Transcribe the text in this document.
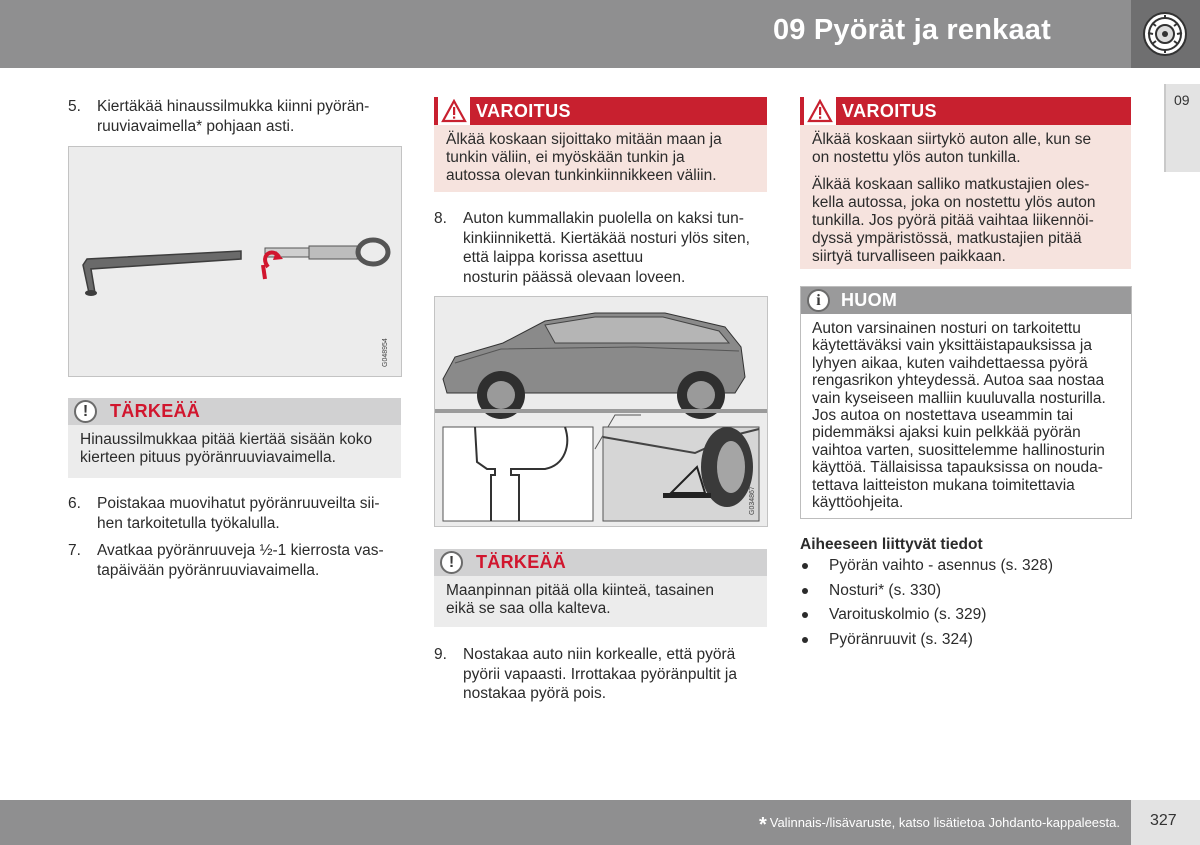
09 Pyörät ja renkaat
09
5. Kiertäkää hinaussilmukka kiinni pyörän-
ruuviavaimella* pohjaan asti.
G048954
!	TÄRKEÄÄ
Hinaussilmukkaa pitää kiertää sisään koko
kierteen pituus pyöränruuviavaimella.
6. Poistakaa muovihatut pyöränruuveilta sii-
hen tarkoitetulla työkalulla.
7. Avatkaa pyöränruuveja ½-1 kierrosta vas-
tapäivään pyöränruuviavaimella.
VAROITUS
Älkää koskaan sijoittako mitään maan ja
tunkin väliin, ei myöskään tunkin ja
autossa olevan tunkinkiinnikkeen väliin.
8. Auton kummallakin puolella on kaksi tun-
kinkiinnikettä. Kiertäkää nosturi ylös siten,
että laippa korissa asettuu
nosturin päässä olevaan loveen.
G034867
!	TÄRKEÄÄ
Maanpinnan pitää olla kiinteä, tasainen
eikä se saa olla kalteva.
9. Nostakaa auto niin korkealle, että pyörä
pyörii vapaasti. Irrottakaa pyöränpultit ja
nostakaa pyörä pois.
VAROITUS

Älkää koskaan siirtykö auton alle, kun se
on nostettu ylös auton tunkilla.

Älkää koskaan salliko matkustajien oles-
kella autossa, joka on nostettu ylös auton
tunkilla. Jos pyörä pitää vaihtaa liikennöi-
dyssä ympäristössä, matkustajien pitää
siirtyä turvalliseen paikkaan.

i	HUOM
Auton varsinainen nosturi on tarkoitettu
käytettäväksi vain yksittäistapauksissa ja
lyhyen aikaa, kuten vaihdettaessa pyörä
rengasrikon yhteydessä. Autoa saa nostaa
vain kyseiseen malliin kuuluvalla nosturilla.
Jos autoa on nostettava useammin tai
pidemmäksi ajaksi kuin pelkkää pyörän
vaihtoa varten, suosittelemme hallinosturin
käyttöä. Tällaisissa tapauksissa on nouda-
tettava laitteiston mukana toimitettavia
käyttöohjeita.
Aiheeseen liittyvät tiedot
Pyörän vaihto - asennus (s. 328)
Nosturi* (s. 330)
Varoituskolmio (s. 329)
Pyöränruuvit (s. 324)
* Valinnais-/lisävaruste, katso lisätietoa Johdanto-kappaleesta. 327
